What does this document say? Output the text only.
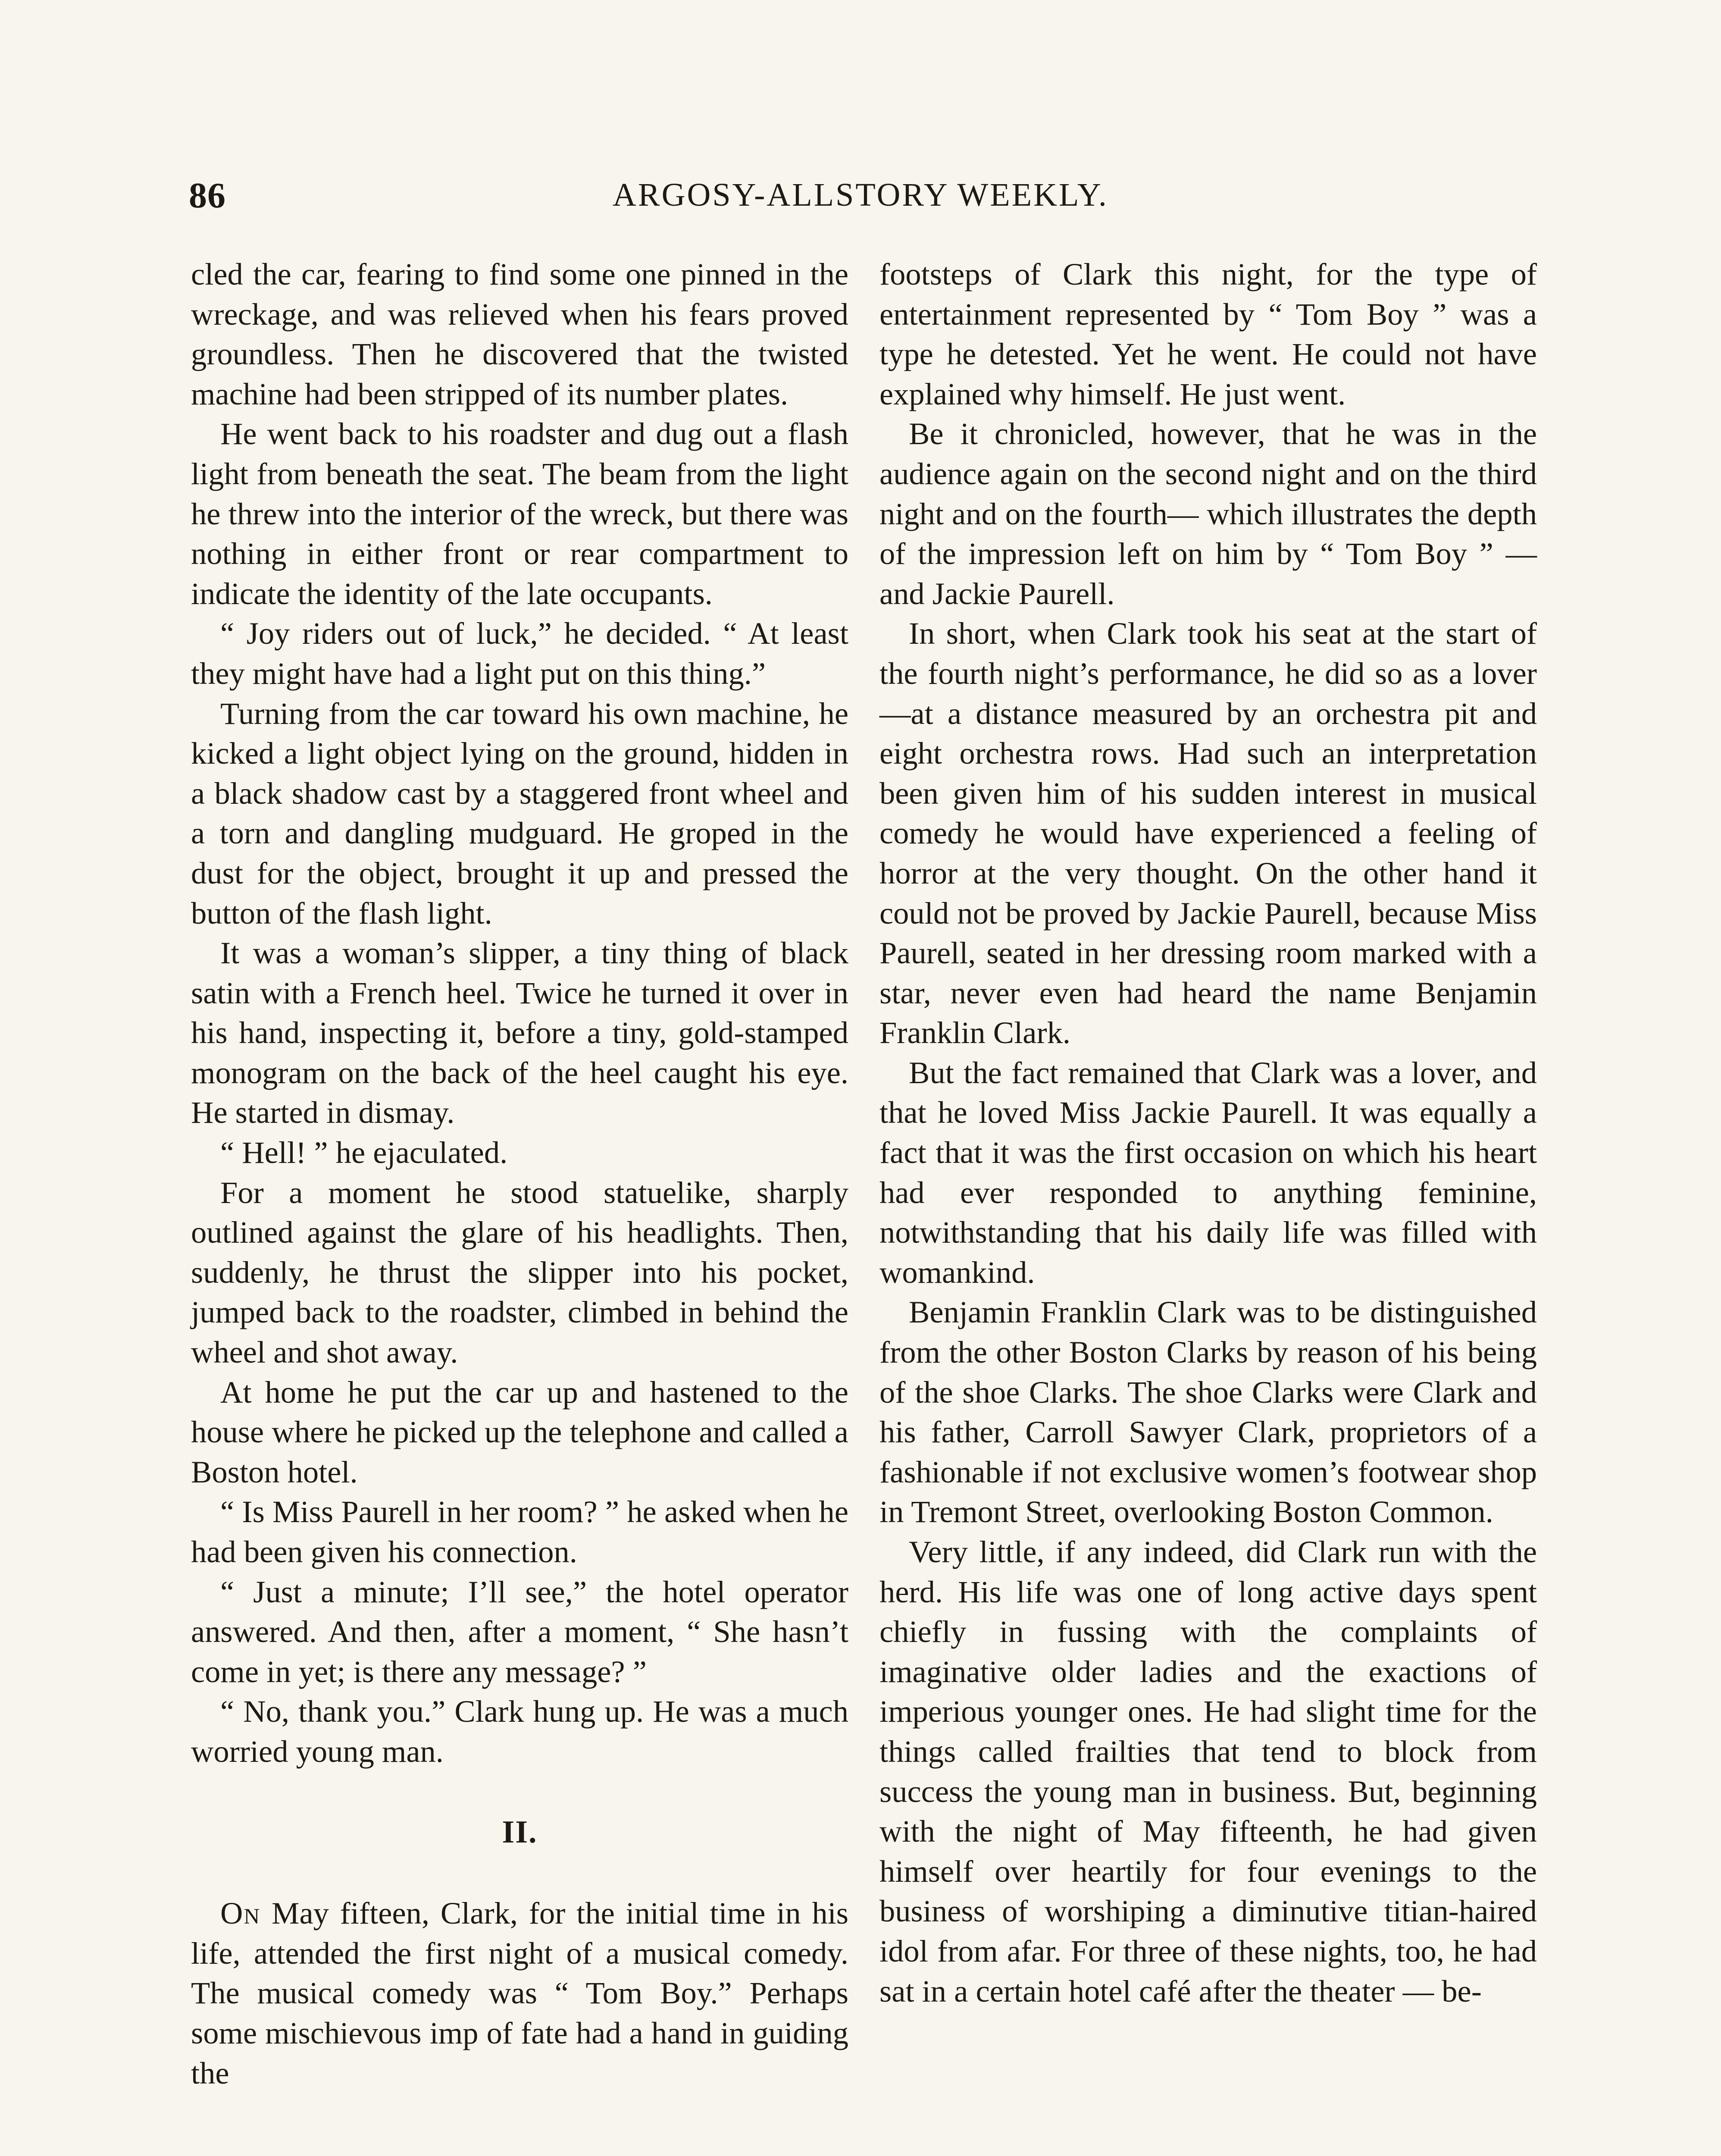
86	ARGOSY-ALLSTORY WEEKLY.

cled the car, fearing to find some one pinned in the wreckage, and was relieved when his fears proved groundless. Then he discovered that the twisted machine had been stripped of its number plates.

He went back to his roadster and dug out a flash light from beneath the seat. The beam from the light he threw into the interior of the wreck, but there was nothing in either front or rear compartment to indicate the identity of the late occupants.

“ Joy riders out of luck,” he decided. “ At least they might have had a light put on this thing.”

Turning from the car toward his own machine, he kicked a light object lying on the ground, hidden in a black shadow cast by a staggered front wheel and a torn and dangling mudguard. He groped in the dust for the object, brought it up and pressed the button of the flash light.

It was a woman’s slipper, a tiny thing of black satin with a French heel. Twice he turned it over in his hand, inspecting it, before a tiny, gold-stamped monogram on the back of the heel caught his eye. He started in dismay.

“ Hell! ” he ejaculated.

For a moment he stood statuelike, sharply outlined against the glare of his headlights. Then, suddenly, he thrust the slipper into his pocket, jumped back to the roadster, climbed in behind the wheel and shot away.

At home he put the car up and hastened to the house where he picked up the telephone and called a Boston hotel.

“ Is Miss Paurell in her room? ” he asked when he had been given his connection.

“ Just a minute; I’ll see,” the hotel operator answered. And then, after a moment, “ She hasn’t come in yet; is there any message? ”

“ No, thank you.” Clark hung up. He was a much worried young man.

II.

On May fifteen, Clark, for the initial time in his life, attended the first night of a musical comedy. The musical comedy was “ Tom Boy.” Perhaps some mischievous imp of fate had a hand in guiding the

footsteps of Clark this night, for the type of entertainment represented by “ Tom Boy ” was a type he detested. Yet he went. He could not have explained why himself. He just went.

Be it chronicled, however, that he was in the audience again on the second night and on the third night and on the fourth— which illustrates the depth of the impression left on him by “ Tom Boy ” — and Jackie Paurell.

In short, when Clark took his seat at the start of the fourth night’s performance, he did so as a lover—at a distance measured by an orchestra pit and eight orchestra rows. Had such an interpretation been given him of his sudden interest in musical comedy he would have experienced a feeling of horror at the very thought. On the other hand it could not be proved by Jackie Paurell, because Miss Paurell, seated in her dressing room marked with a star, never even had heard the name Benjamin Franklin Clark.

But the fact remained that Clark was a lover, and that he loved Miss Jackie Paurell. It was equally a fact that it was the first occasion on which his heart had ever responded to anything feminine, notwithstanding that his daily life was filled with womankind.

Benjamin Franklin Clark was to be distinguished from the other Boston Clarks by reason of his being of the shoe Clarks. The shoe Clarks were Clark and his father, Carroll Sawyer Clark, proprietors of a fashionable if not exclusive women’s footwear shop in Tremont Street, overlooking Boston Common.

Very little, if any indeed, did Clark run with the herd. His life was one of long active days spent chiefly in fussing with the complaints of imaginative older ladies and the exactions of imperious younger ones. He had slight time for the things called frailties that tend to block from success the young man in business. But, beginning with the night of May fifteenth, he had given himself over heartily for four evenings to the business of worshiping a diminutive titian-haired idol from afar. For three of these nights, too, he had sat in a certain hotel café after the theater — be-
